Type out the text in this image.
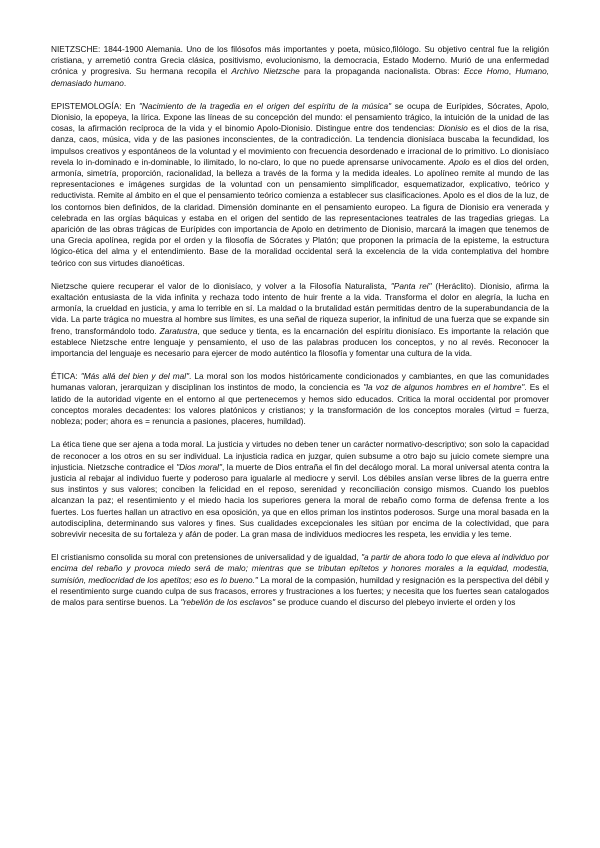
NIETZSCHE: 1844-1900 Alemania. Uno de los filósofos más importantes y poeta, músico,filólogo. Su objetivo central fue la religión cristiana, y arremetió contra Grecia clásica, positivismo, evolucionismo, la democracia, Estado Moderno. Murió de una enfermedad crónica y progresiva. Su hermana recopila el Archivo Nietzsche para la propaganda nacionalista. Obras: Ecce Homo, Humano, demasiado humano.

EPISTEMOLOGÍA: En "Nacimiento de la tragedia en el origen del espíritu de la música" se ocupa de Eurípides, Sócrates, Apolo, Dionisio, la epopeya, la lírica. Expone las líneas de su concepción del mundo: el pensamiento trágico, la intuición de la unidad de las cosas, la afirmación recíproca de la vida y el binomio Apolo-Dionisio. Distingue entre dos tendencias: Dionisio es el dios de la risa, danza, caos, música, vida y de las pasiones inconscientes, de la contradicción. La tendencia dionisíaca buscaba la fecundidad, los impulsos creativos y espontáneos de la voluntad y el movimiento con frecuencia desordenado e irracional de lo primitivo. Lo dionisíaco revela lo in-dominado e in-dominable, lo ilimitado, lo no-claro, lo que no puede aprensarse univocamente. Apolo es el dios del orden, armonía, simetría, proporción, racionalidad, la belleza a través de la forma y la medida ideales. Lo apolíneo remite al mundo de las representaciones e imágenes surgidas de la voluntad con un pensamiento simplificador, esquematizador, explicativo, teórico y reductivista. Remite al ámbito en el que el pensamiento teórico comienza a establecer sus clasificaciones. Apolo es el dios de la luz, de los contornos bien definidos, de la claridad. Dimensión dominante en el pensamiento europeo. La figura de Dionisio era venerada y celebrada en las orgías báquicas y estaba en el origen del sentido de las representaciones teatrales de las tragedias griegas. La aparición de las obras trágicas de Eurípides con importancia de Apolo en detrimento de Dionisio, marcará la imagen que tenemos de una Grecia apolínea, regida por el orden y la filosofía de Sócrates y Platón; que proponen la primacía de la episteme, la estructura lógico-ética del alma y el entendimiento. Base de la moralidad occidental será la excelencia de la vida contemplativa del hombre teórico con sus virtudes dianoéticas.

Nietzsche quiere recuperar el valor de lo dionisíaco, y volver a la Filosofía Naturalista, "Panta rei" (Heráclito). Dionisio, afirma la exaltación entusiasta de la vida infinita y rechaza todo intento de huir frente a la vida. Transforma el dolor en alegría, la lucha en armonía, la crueldad en justicia, y ama lo terrible en sí. La maldad o la brutalidad están permitidas dentro de la superabundancia de la vida. La parte trágica no muestra al hombre sus límites, es una señal de riqueza superior, la infinitud de una fuerza que se expande sin freno, transformándolo todo. Zaratustra, que seduce y tienta, es la encarnación del espíritu dionisíaco. Es importante la relación que establece Nietzsche entre lenguaje y pensamiento, el uso de las palabras producen los conceptos, y no al revés. Reconocer la importancia del lenguaje es necesario para ejercer de modo auténtico la filosofía y fomentar una cultura de la vida.

ÉTICA: "Más allá del bien y del mal". La moral son los modos históricamente condicionados y cambiantes, en que las comunidades humanas valoran, jerarquizan y disciplinan los instintos de modo, la conciencia es "la voz de algunos hombres en el hombre". Es el latido de la autoridad vigente en el entorno al que pertenecemos y hemos sido educados. Critica la moral occidental por promover conceptos morales decadentes: los valores platónicos y cristianos; y la transformación de los conceptos morales (virtud = fuerza, nobleza; poder; ahora es = renuncia a pasiones, placeres, humildad).

La ética tiene que ser ajena a toda moral. La justicia y virtudes no deben tener un carácter normativo-descriptivo; son solo la capacidad de reconocer a los otros en su ser individual. La injusticia radica en juzgar, quien subsume a otro bajo su juicio comete siempre una injusticia. Nietzsche contradice el "Dios moral", la muerte de Dios entraña el fin del decálogo moral. La moral universal atenta contra la justicia al rebajar al individuo fuerte y poderoso para igualarle al mediocre y servil. Los débiles ansían verse libres de la guerra entre sus instintos y sus valores; conciben la felicidad en el reposo, serenidad y reconciliación consigo mismos. Cuando los pueblos alcanzan la paz; el resentimiento y el miedo hacia los superiores genera la moral de rebaño como forma de defensa frente a los fuertes. Los fuertes hallan un atractivo en esa oposición, ya que en ellos priman los instintos poderosos. Surge una moral basada en la autodisciplina, determinando sus valores y fines. Sus cualidades excepcionales les sitúan por encima de la colectividad, que para sobrevivir necesita de su fortaleza y afán de poder. La gran masa de individuos mediocres les respeta, les envidia y les teme.

El cristianismo consolida su moral con pretensiones de universalidad y de igualdad, "a partir de ahora todo lo que eleva al individuo por encima del rebaño y provoca miedo será de malo; mientras que se tributan epítetos y honores morales a la equidad, modestia, sumisión, mediocridad de los apetitos; eso es lo bueno." La moral de la compasión, humildad y resignación es la perspectiva del débil y el resentimiento surge cuando culpa de sus fracasos, errores y frustraciones a los fuertes; y necesita que los fuertes sean catalogados de malos para sentirse buenos. La "rebelión de los esclavos" se produce cuando el discurso del plebeyo invierte el orden y los
